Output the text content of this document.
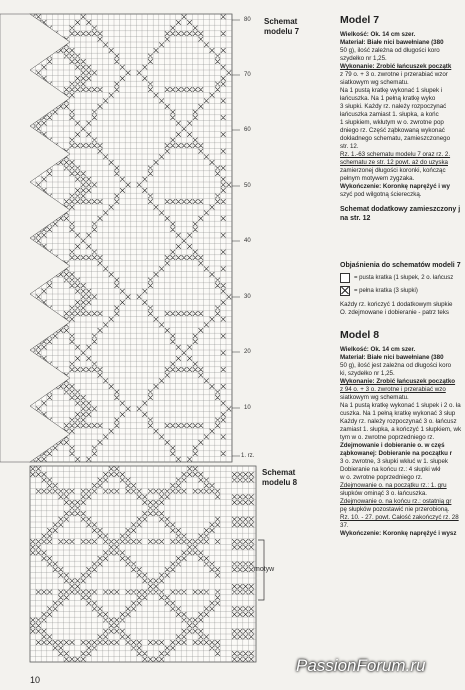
Schemat
modelu 7
80
70
60
50
40
30
20
10
1. rz.
Schemat
modelu 8
motyw
Model 7
Wielkość: Ok. 14 cm szer.
Materiał: Białe nici bawełniane (380
50 g), ilość zależna od długości koro
szydełko nr 1,25.
Wykonanie: Zrobić łańcuszek początk
z 79 o. + 3 o. zwrotne i przerabiać wzor
siatkowym wg schematu.
Na 1 pustą kratkę wykonać 1 słupek i
łańcuszka. Na 1 pełną kratkę wyko
3 słupki. Każdy rz. należy rozpoczynać
łańcuszka zamiast 1. słupka, a końc
1 słupkiem, wkłutym w o. zwrotne pop
dniego rz. Część ząbkowaną wykonać
dokładnego schematu, zamieszczonego
str. 12.
Rz. 1.-63 schematu modelu 7 oraz rz. 2.
schematu ze str. 12 powt. aż do uzyska
zamierzonej długości koronki, kończąc
pełnym motywem zygzaka.
Wykończenie: Koronkę naprężyć i wy
szyć pod wilgotną ściereczką.
Schemat dodatkowy zamieszczony j
na str. 12
Objaśnienia do schematów modeli 7
= pusta kratka (1 słupek, 2 o. łańcusz
= pełna kratka (3 słupki)
Każdy rz. kończyć 1 dodatkowym słupkie
O. zdejmowane i dobieranie - patrz teks
Model 8
Wielkość: Ok. 14 cm szer.
Materiał: Białe nici bawełniane (380
50 g), ilość jest zależna od długości koro
ki, szydełko nr 1,25.
Wykonanie: Zrobić łańcuszek początko
z 94 o. + 3 o. zwrotne i przerabiać wzo
siatkowym wg schematu.
Na 1 pustą kratkę wykonać 1 słupek i 2 o. ła
cuszka. Na 1 pełną kratkę wykonać 3 słup
Każdy rz. należy rozpoczynać 3 o. łańcusz
zamiast 1. słupka, a kończyć 1 słupkiem, wk
tym w o. zwrotne poprzedniego rz.
Zdejmowanie i dobieranie o. w częś
ząbkowanej: Dobieranie na początku r
3 o. zwrotne, 3 słupki wkłuć w 1. słupek
Dobieranie na końcu rz.: 4 słupki wkł
w o. zwrotne poprzedniego rz.
Zdejmowanie o. na początku rz.: 1. gru
słupków ominąć 3 o. łańcuszka.
Zdejmowanie o. na końcu rz.: ostatnią gr
pę słupków pozostawić nie przerobioną.
Rz. 10. - 27. powt. Całość zakończyć rz. 28
37.
Wykończenie: Koronkę naprężyć i wysz
10
PassionForum.ru
